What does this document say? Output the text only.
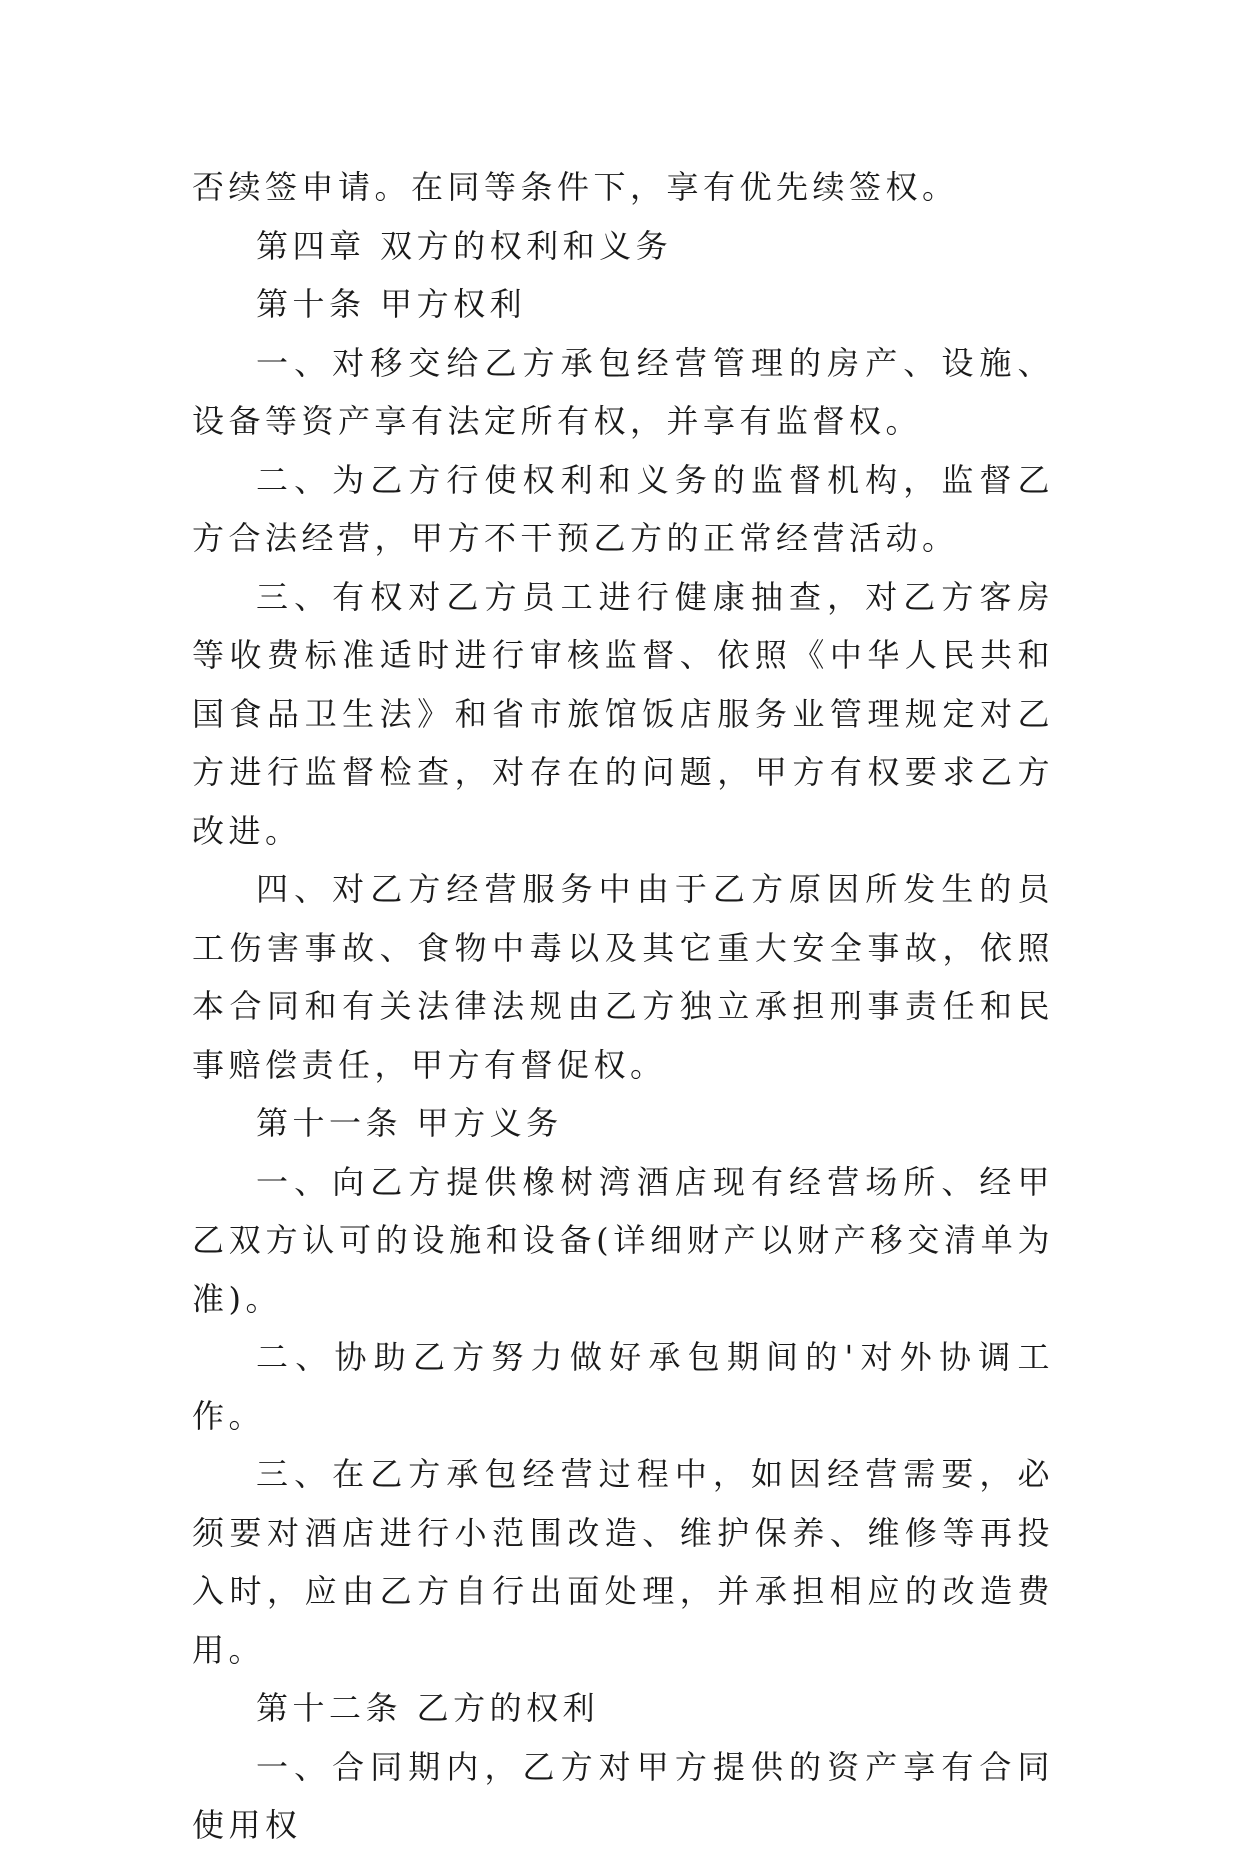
否续签申请。在同等条件下，享有优先续签权。

第四章 双方的权利和义务

第十条 甲方权利

一、对移交给乙方承包经营管理的房产、设施、设备等资产享有法定所有权，并享有监督权。

二、为乙方行使权利和义务的监督机构，监督乙方合法经营，甲方不干预乙方的正常经营活动。

三、有权对乙方员工进行健康抽查，对乙方客房等收费标准适时进行审核监督、依照《中华人民共和国食品卫生法》和省市旅馆饭店服务业管理规定对乙方进行监督检查，对存在的问题，甲方有权要求乙方改进。

四、对乙方经营服务中由于乙方原因所发生的员工伤害事故、食物中毒以及其它重大安全事故，依照本合同和有关法律法规由乙方独立承担刑事责任和民事赔偿责任，甲方有督促权。

第十一条 甲方义务

一、向乙方提供橡树湾酒店现有经营场所、经甲乙双方认可的设施和设备(详细财产以财产移交清单为准)。

二、协助乙方努力做好承包期间的'对外协调工作。

三、在乙方承包经营过程中，如因经营需要，必须要对酒店进行小范围改造、维护保养、维修等再投入时，应由乙方自行出面处理，并承担相应的改造费用。

第十二条 乙方的权利

一、合同期内，乙方对甲方提供的资产享有合同使用权
